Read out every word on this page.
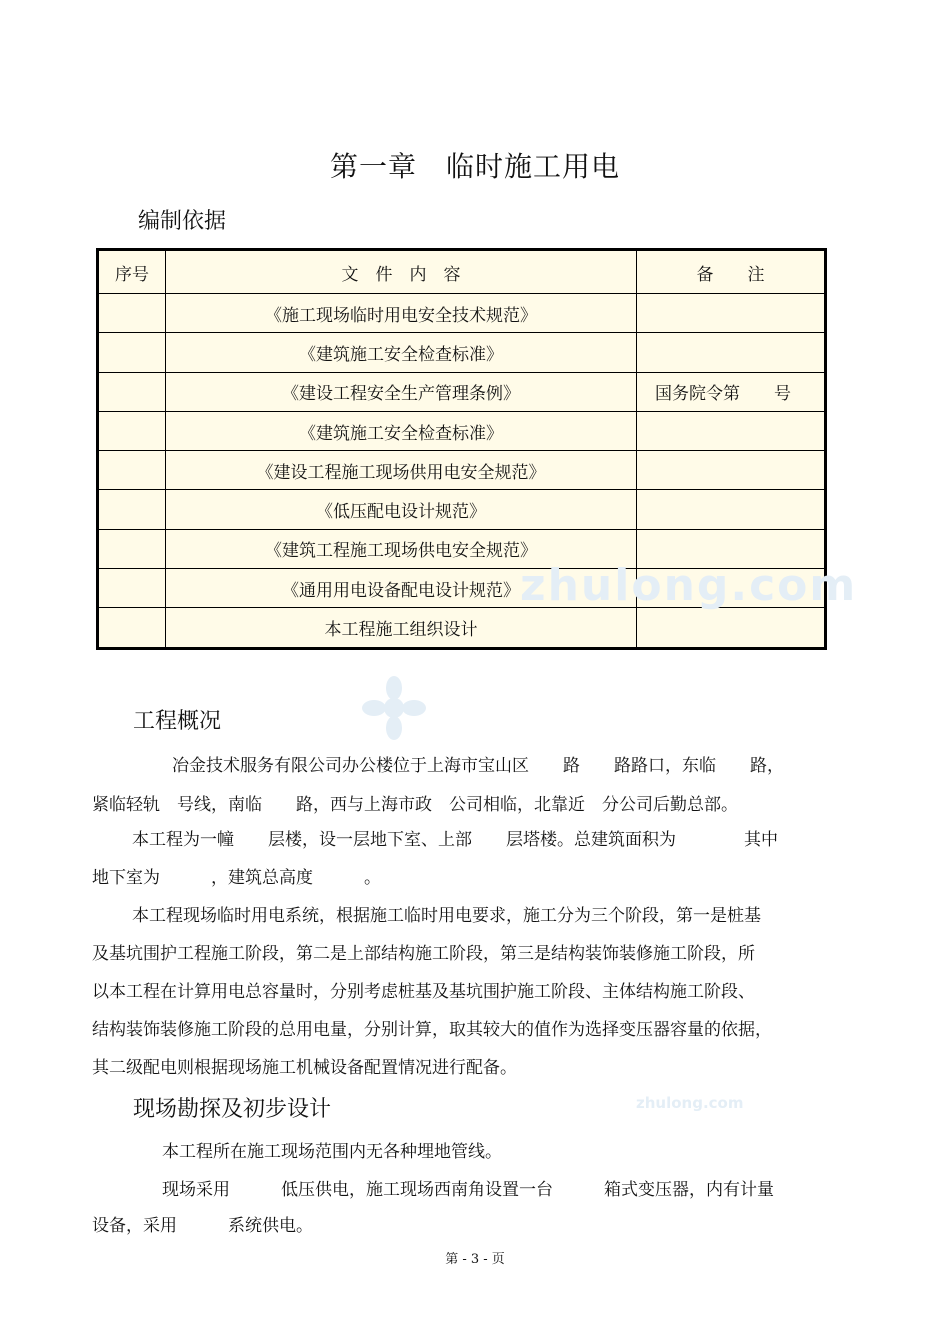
第一章　临时施工用电
编制依据
序号	文　件　内　容	备　　注
	《施工现场临时用电安全技术规范》	
	《建筑施工安全检查标准》	
	《建设工程安全生产管理条例》	国务院令第　　号
	《建筑施工安全检查标准》	
	《建设工程施工现场供用电安全规范》	
	《低压配电设计规范》	
	《建筑工程施工现场供电安全规范》	
	《通用用电设备配电设计规范》	
	本工程施工组织设计	
zhulong.com
zhulong.com
工程概况
冶金技术服务有限公司办公楼位于上海市宝山区　　路　　路路口，东临　　路，
紧临轻轨　号线，南临　　路，西与上海市政　公司相临，北靠近　分公司后勤总部。
本工程为一幢　　层楼，设一层地下室、上部　　层塔楼。总建筑面积为　　　　其中
地下室为　　　，建筑总高度　　　。
本工程现场临时用电系统，根据施工临时用电要求，施工分为三个阶段，第一是桩基
及基坑围护工程施工阶段，第二是上部结构施工阶段，第三是结构装饰装修施工阶段，所
以本工程在计算用电总容量时，分别考虑桩基及基坑围护施工阶段、主体结构施工阶段、
结构装饰装修施工阶段的总用电量，分别计算，取其较大的值作为选择变压器容量的依据，
其二级配电则根据现场施工机械设备配置情况进行配备。
现场勘探及初步设计
本工程所在施工现场范围内无各种埋地管线。
现场采用　　　低压供电，施工现场西南角设置一台　　　箱式变压器，内有计量
设备，采用　　　系统供电。
第 - 3 - 页
